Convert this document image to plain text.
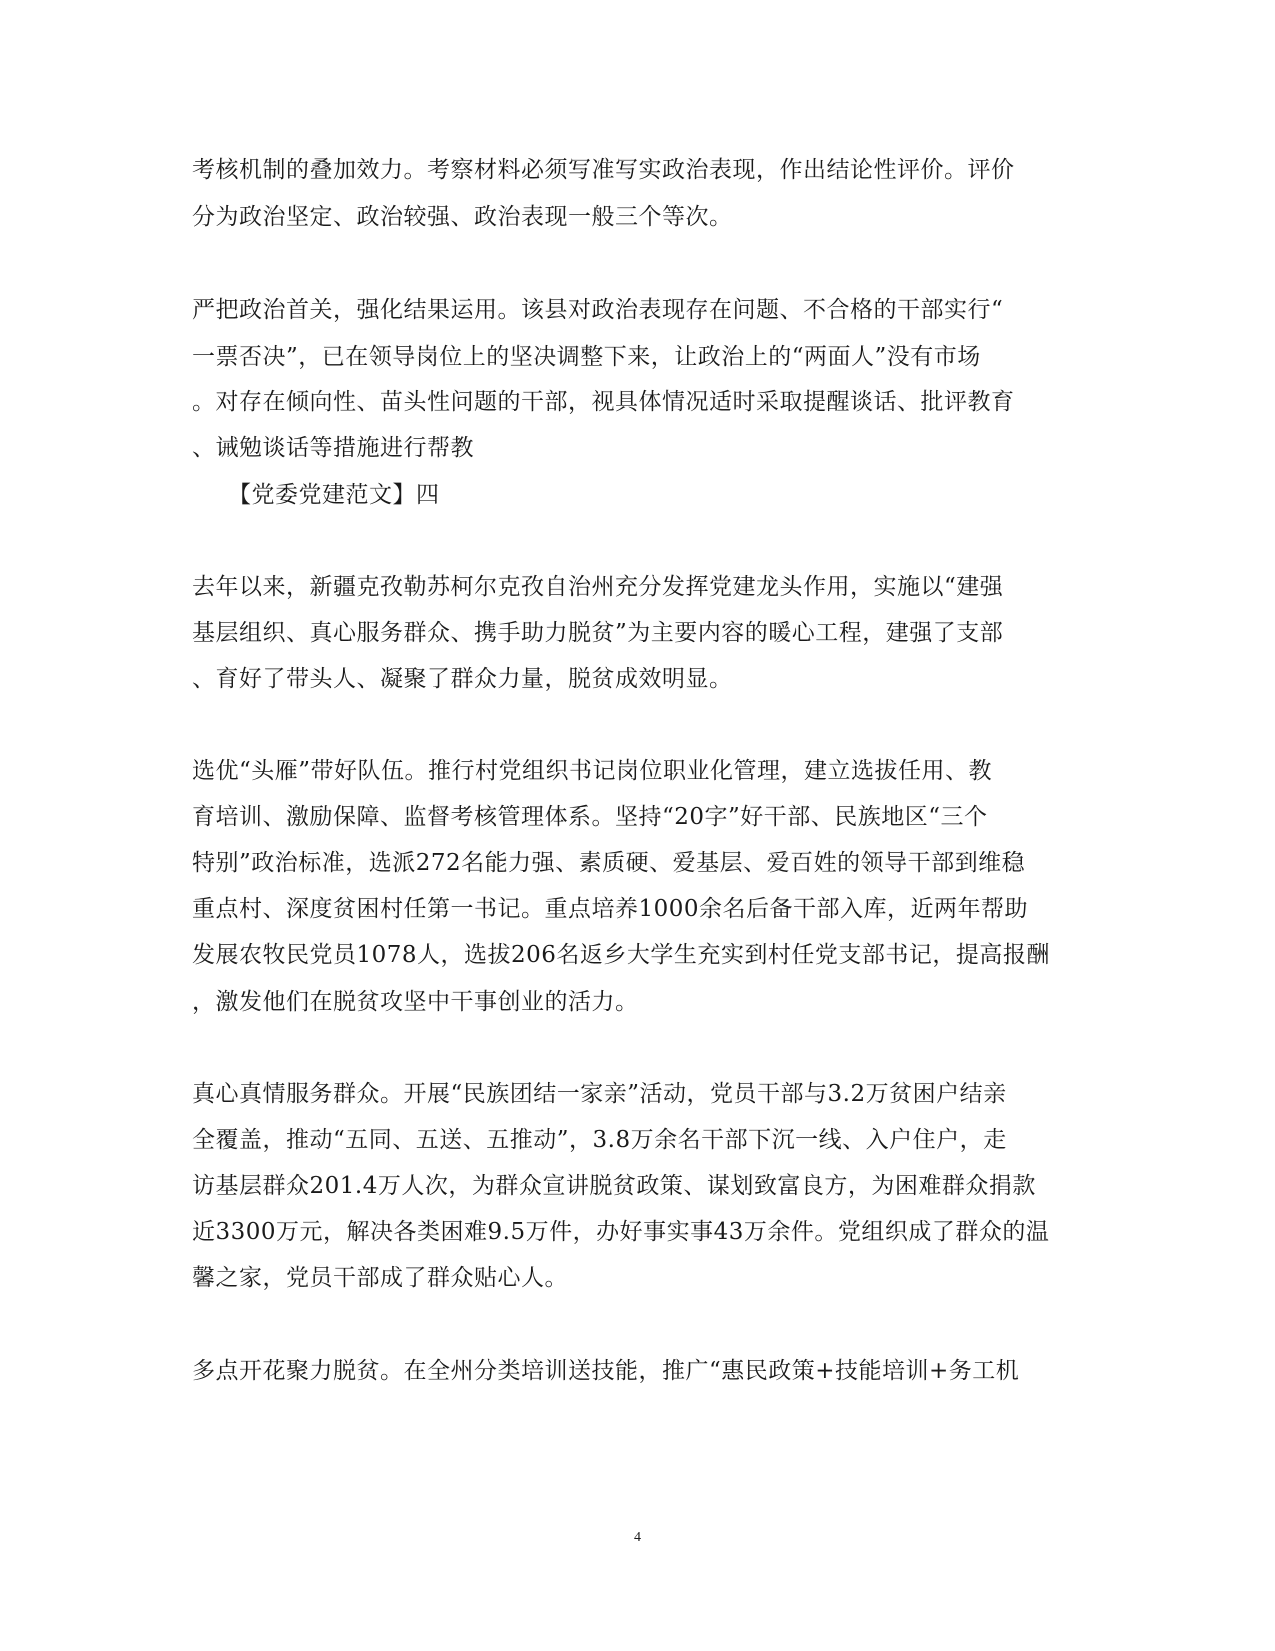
考核机制的叠加效力。考察材料必须写准写实政治表现，作出结论性评价。评价
分为政治坚定、政治较强、政治表现一般三个等次。
严把政治首关，强化结果运用。该县对政治表现存在问题、不合格的干部实行“
一票否决”，已在领导岗位上的坚决调整下来，让政治上的“两面人”没有市场
。对存在倾向性、苗头性问题的干部，视具体情况适时采取提醒谈话、批评教育
、诫勉谈话等措施进行帮教
【党委党建范文】四
去年以来，新疆克孜勒苏柯尔克孜自治州充分发挥党建龙头作用，实施以“建强
基层组织、真心服务群众、携手助力脱贫”为主要内容的暖心工程，建强了支部
、育好了带头人、凝聚了群众力量，脱贫成效明显。
选优“头雁”带好队伍。推行村党组织书记岗位职业化管理，建立选拔任用、教
育培训、激励保障、监督考核管理体系。坚持“20字”好干部、民族地区“三个
特别”政治标准，选派272名能力强、素质硬、爱基层、爱百姓的领导干部到维稳
重点村、深度贫困村任第一书记。重点培养1000余名后备干部入库，近两年帮助
发展农牧民党员1078人，选拔206名返乡大学生充实到村任党支部书记，提高报酬
，激发他们在脱贫攻坚中干事创业的活力。
真心真情服务群众。开展“民族团结一家亲”活动，党员干部与3.2万贫困户结亲
全覆盖，推动“五同、五送、五推动”，3.8万余名干部下沉一线、入户住户，走
访基层群众201.4万人次，为群众宣讲脱贫政策、谋划致富良方，为困难群众捐款
近3300万元，解决各类困难9.5万件，办好事实事43万余件。党组织成了群众的温
馨之家，党员干部成了群众贴心人。
多点开花聚力脱贫。在全州分类培训送技能，推广“惠民政策+技能培训+务工机
4
